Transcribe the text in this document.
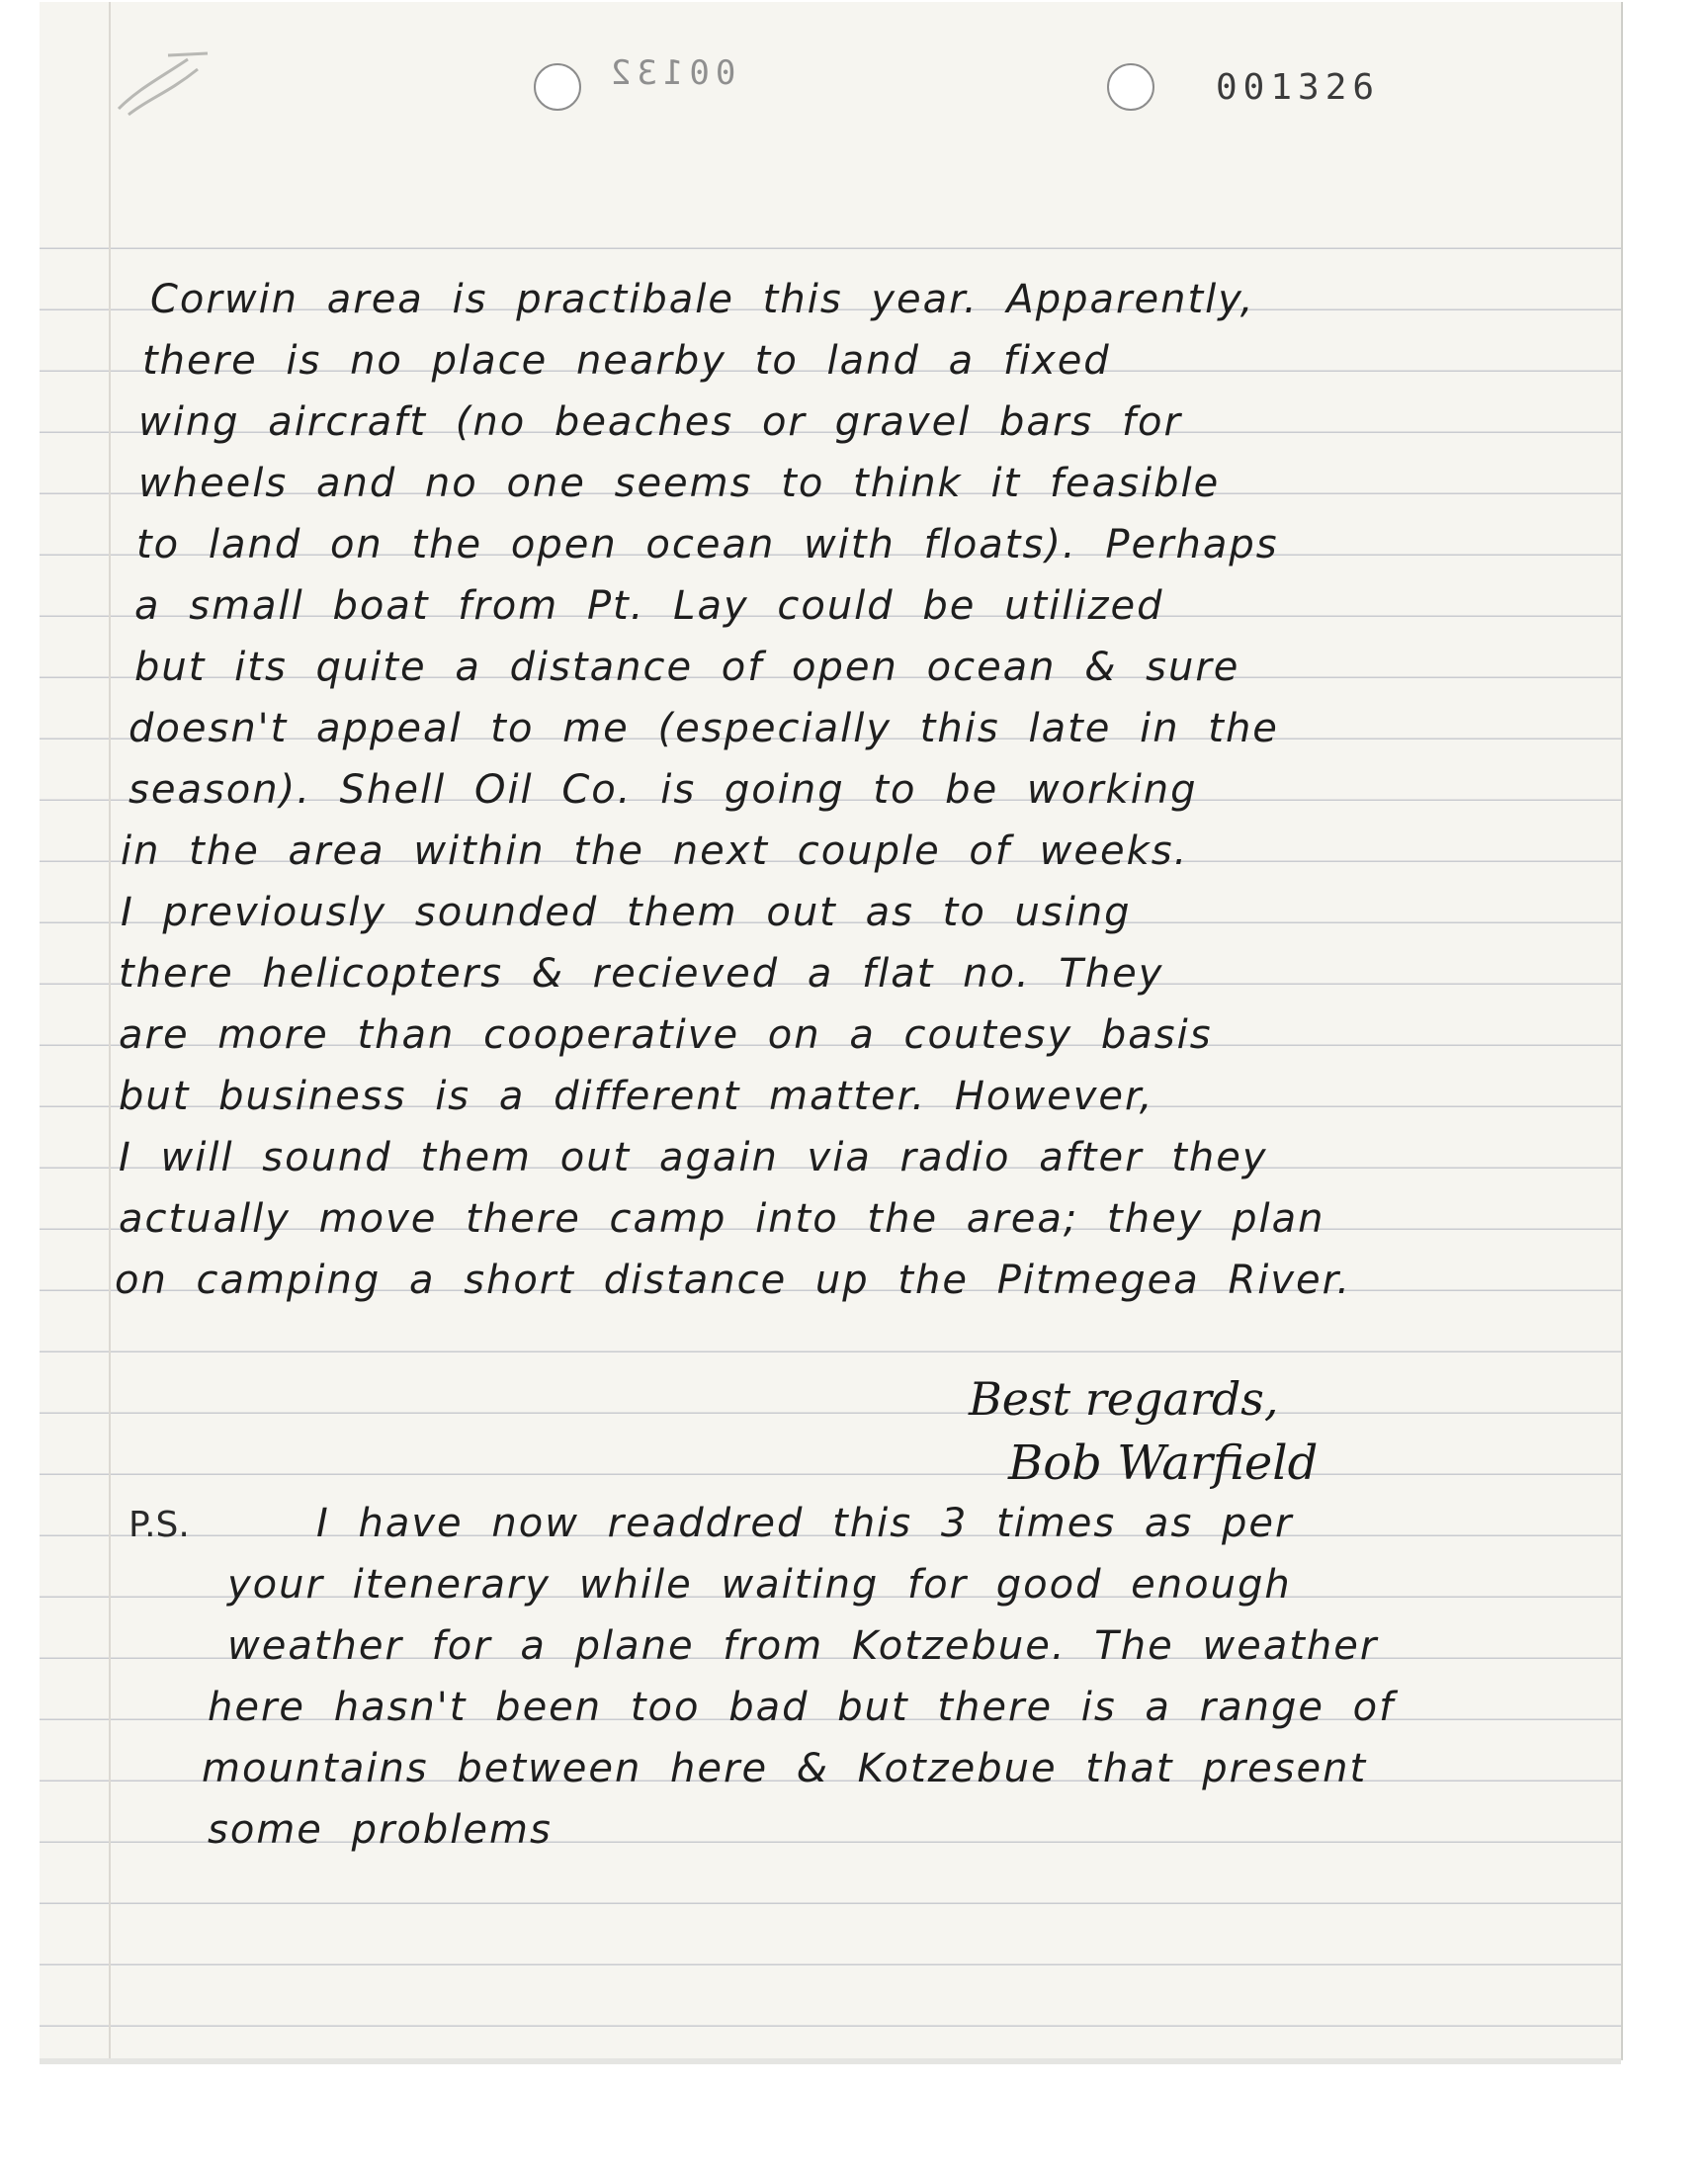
00132	001326
Corwin area is practibale this year. Apparently,
there is no place nearby to land a fixed
wing aircraft (no beaches or gravel bars for
wheels and no one seems to think it feasible
to land on the open ocean with floats). Perhaps
a small boat from Pt. Lay could be utilized
but its quite a distance of open ocean & sure
doesn't appeal to me (especially this late in the
season). Shell Oil Co. is going to be working
in the area within the next couple of weeks.
I previously sounded them out as to using
there helicopters & recieved a flat no. They
are more than cooperative on a coutesy basis
but business is a different matter. However,
I will sound them out again via radio after they
actually move there camp into the area; they plan
on camping a short distance up the Pitmegea River.
Best regards,
Bob Warfield
P.S.	I have now readdred this 3 times as per
your itenerary while waiting for good enough
weather for a plane from Kotzebue. The weather
here hasn't been too bad but there is a range of
mountains between here & Kotzebue that present
some problems
